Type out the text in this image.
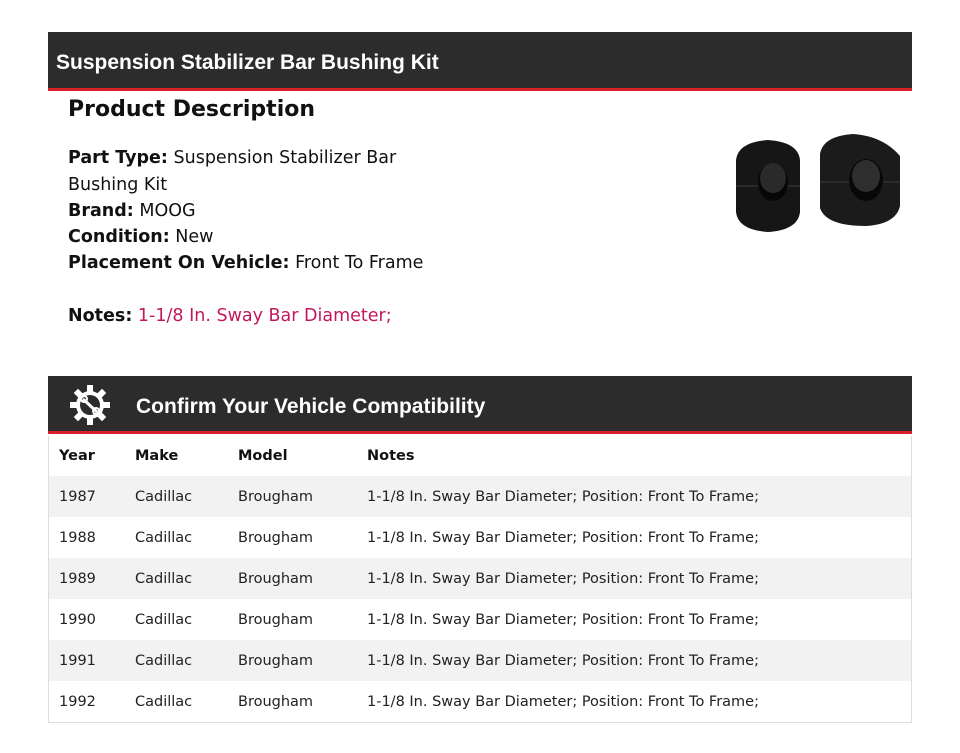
Suspension Stabilizer Bar Bushing Kit
Product Description
Part Type: Suspension Stabilizer Bar Bushing Kit
Brand: MOOG
Condition: New
Placement On Vehicle: Front To Frame
Notes: 1-1/8 In. Sway Bar Diameter;
Confirm Your Vehicle Compatibility
Year	Make	Model	Notes
1987	Cadillac	Brougham	1-1/8 In. Sway Bar Diameter; Position: Front To Frame;
1988	Cadillac	Brougham	1-1/8 In. Sway Bar Diameter; Position: Front To Frame;
1989	Cadillac	Brougham	1-1/8 In. Sway Bar Diameter; Position: Front To Frame;
1990	Cadillac	Brougham	1-1/8 In. Sway Bar Diameter; Position: Front To Frame;
1991	Cadillac	Brougham	1-1/8 In. Sway Bar Diameter; Position: Front To Frame;
1992	Cadillac	Brougham	1-1/8 In. Sway Bar Diameter; Position: Front To Frame;
